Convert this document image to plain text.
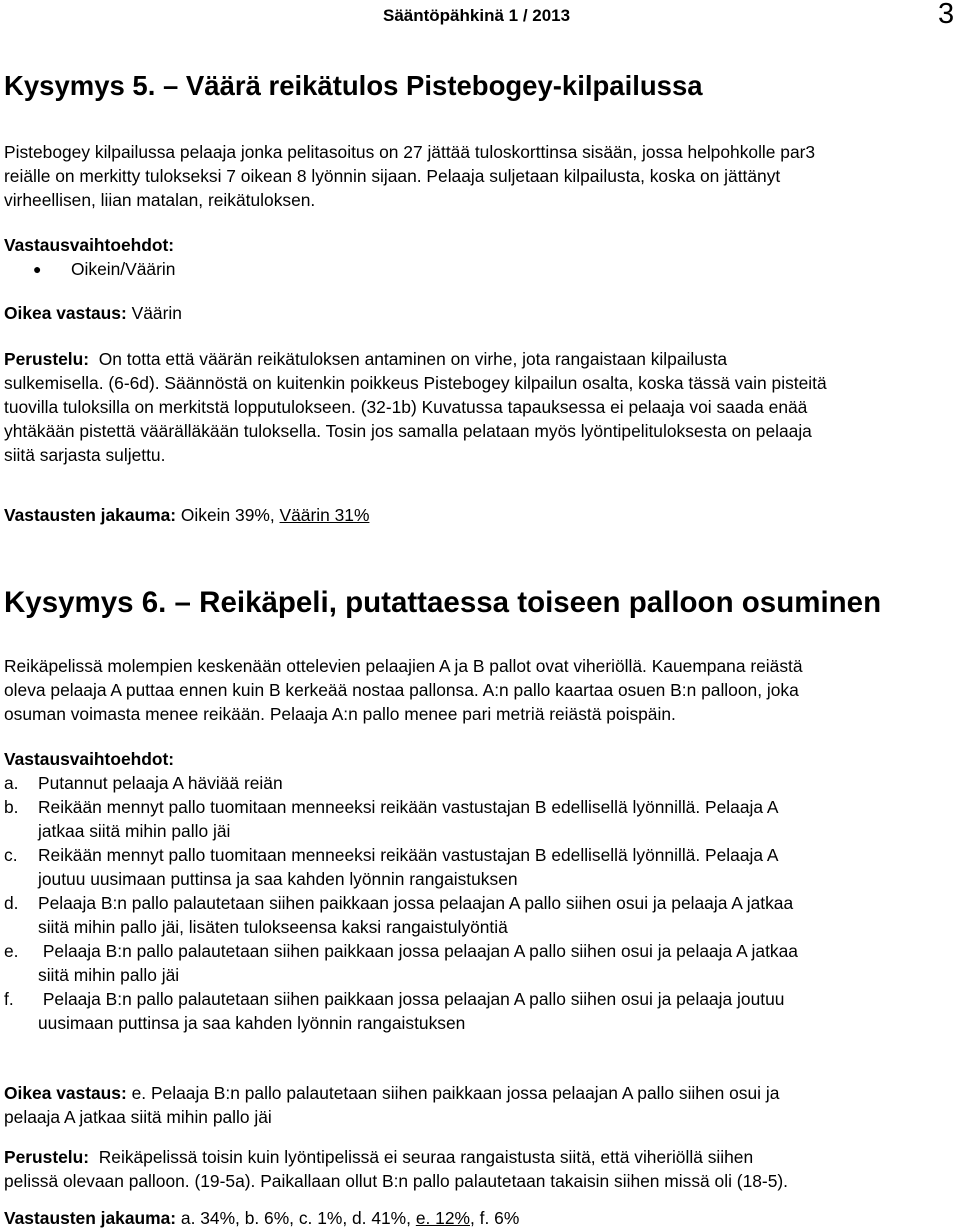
Sääntöpähkinä 1 / 2013	3
Kysymys 5. – Väärä reikätulos Pistebogey-kilpailussa

Pistebogey kilpailussa pelaaja jonka pelitasoitus on 27 jättää tuloskorttinsa sisään, jossa helpohkolle par3

reiälle on merkitty tulokseksi 7 oikean 8 lyönnin sijaan. Pelaaja suljetaan kilpailusta, koska on jättänyt

virheellisen, liian matalan, reikätuloksen.

Vastausvaihtoehdot:

● Oikein/Väärin

Oikea vastaus: Väärin

Perustelu: On totta että väärän reikätuloksen antaminen on virhe, jota rangaistaan kilpailusta

sulkemisella. (6-6d). Säännöstä on kuitenkin poikkeus Pistebogey kilpailun osalta, koska tässä vain pisteitä

tuovilla tuloksilla on merkitstä lopputulokseen. (32-1b) Kuvatussa tapauksessa ei pelaaja voi saada enää

yhtäkään pistettä väärälläkään tuloksella. Tosin jos samalla pelataan myös lyöntipelituloksesta on pelaaja

siitä sarjasta suljettu.

Vastausten jakauma: Oikein 39%, Väärin 31%

Kysymys 6. – Reikäpeli, putattaessa toiseen palloon osuminen

Reikäpelissä molempien keskenään ottelevien pelaajien A ja B pallot ovat viheriöllä. Kauempana reiästä

oleva pelaaja A puttaa ennen kuin B kerkeää nostaa pallonsa. A:n pallo kaartaa osuen B:n palloon, joka

osuman voimasta menee reikään. Pelaaja A:n pallo menee pari metriä reiästä poispäin.

Vastausvaihtoehdot:

a.	Putannut pelaaja A häviää reiän

b.	Reikään mennyt pallo tuomitaan menneeksi reikään vastustajan B edellisellä lyönnillä. Pelaaja A

jatkaa siitä mihin pallo jäi

c.	Reikään mennyt pallo tuomitaan menneeksi reikään vastustajan B edellisellä lyönnillä. Pelaaja A

joutuu uusimaan puttinsa ja saa kahden lyönnin rangaistuksen

d.	Pelaaja B:n pallo palautetaan siihen paikkaan jossa pelaajan A pallo siihen osui ja pelaaja A jatkaa

siitä mihin pallo jäi, lisäten tulokseensa kaksi rangaistulyöntiä

e.	Pelaaja B:n pallo palautetaan siihen paikkaan jossa pelaajan A pallo siihen osui ja pelaaja A jatkaa

siitä mihin pallo jäi

f.	Pelaaja B:n pallo palautetaan siihen paikkaan jossa pelaajan A pallo siihen osui ja pelaaja joutuu

uusimaan puttinsa ja saa kahden lyönnin rangaistuksen

Oikea vastaus: e. Pelaaja B:n pallo palautetaan siihen paikkaan jossa pelaajan A pallo siihen osui ja

pelaaja A jatkaa siitä mihin pallo jäi

Perustelu: Reikäpelissä toisin kuin lyöntipelissä ei seuraa rangaistusta siitä, että viheriöllä siihen

pelissä olevaan palloon. (19-5a). Paikallaan ollut B:n pallo palautetaan takaisin siihen missä oli (18-5).

Vastausten jakauma: a. 34%, b. 6%, c. 1%, d. 41%, e. 12%, f. 6%
